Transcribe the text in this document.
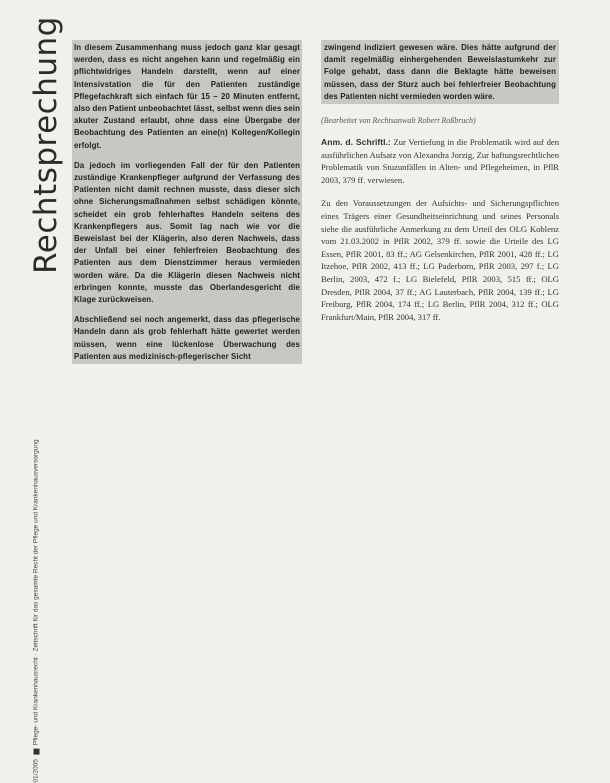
Rechtsprechung
01/2005
Pflege- und Krankenhausrecht · Zeitschrift für das gesamte Recht der Pflege und Krankenhausversorgung

In diesem Zusammenhang muss jedoch ganz klar gesagt werden, dass es nicht angehen kann und regelmäßig ein pflichtwidriges Handeln darstellt, wenn auf einer Intensivstation die für den Patienten zuständige Pflegefachkraft sich einfach für 15 – 20 Minuten entfernt, also den Patient unbeobachtet lässt, selbst wenn dies sein akuter Zustand erlaubt, ohne dass eine Übergabe der Beobachtung des Patienten an eine(n) Kollegen/Kollegin erfolgt.

Da jedoch im vorliegenden Fall der für den Patienten zuständige Krankenpfleger aufgrund der Verfassung des Patienten nicht damit rechnen musste, dass dieser sich ohne Sicherungsmaßnahmen selbst schädigen könnte, scheidet ein grob fehlerhaftes Handeln seitens des Krankenpflegers aus. Somit lag nach wie vor die Beweislast bei der Klägerin, also deren Nachweis, dass der Unfall bei einer fehlerfreien Beobachtung des Patienten aus dem Dienstzimmer heraus vermieden worden wäre. Da die Klägerin diesen Nachweis nicht erbringen konnte, musste das Oberlandesgericht die Klage zurückweisen.

Abschließend sei noch angemerkt, dass das pflegerische Handeln dann als grob fehlerhaft hätte gewertet werden müssen, wenn eine lückenlose Überwachung des Patienten aus medizinisch-pflegerischer Sicht

zwingend indiziert gewesen wäre. Dies hätte aufgrund der damit regelmäßig einhergehenden Beweislastumkehr zur Folge gehabt, dass dann die Beklagte hätte beweisen müssen, dass der Sturz auch bei fehlerfreier Beobachtung des Patienten nicht vermieden worden wäre.

(Bearbeitet von Rechtsanwalt Robert Roßbruch)

Anm. d. Schriftl.: Zur Vertiefung in die Problematik wird auf den ausführlichen Aufsatz von Alexandra Jorzig, Zur haftungsrechtlichen Problematik von Stuzunfällen in Alten- und Pflegeheimen, in PflR 2003, 379 ff. verwiesen.

Zu den Voraussetzungen der Aufsichts- und Sicherungspflichten eines Trägers einer Gesundheitseinrichtung und seines Personals siehe die ausführliche Anmerkung zu dem Urteil des OLG Koblenz vom 21.03.2002 in PflR 2002, 379 ff. sowie die Urteile des LG Essen, PflR 2001, 83 ff.; AG Gelsenkirchen, PflR 2001, 428 ff.; LG Itzehoe, PflR 2002, 413 ff.; LG Paderborn, PflR 2003, 297 f.; LG Berlin, 2003, 472 f.; LG Bielefeld, PflR 2003, 515 ff.; OLG Dresden, PflR 2004, 37 ff.; AG Lauterbach, PflR 2004, 139 ff.; LG Freiburg, PflR 2004, 174 ff.; LG Berlin, PflR 2004, 312 ff.; OLG Frankfurt/Main, PflR 2004, 317 ff.
